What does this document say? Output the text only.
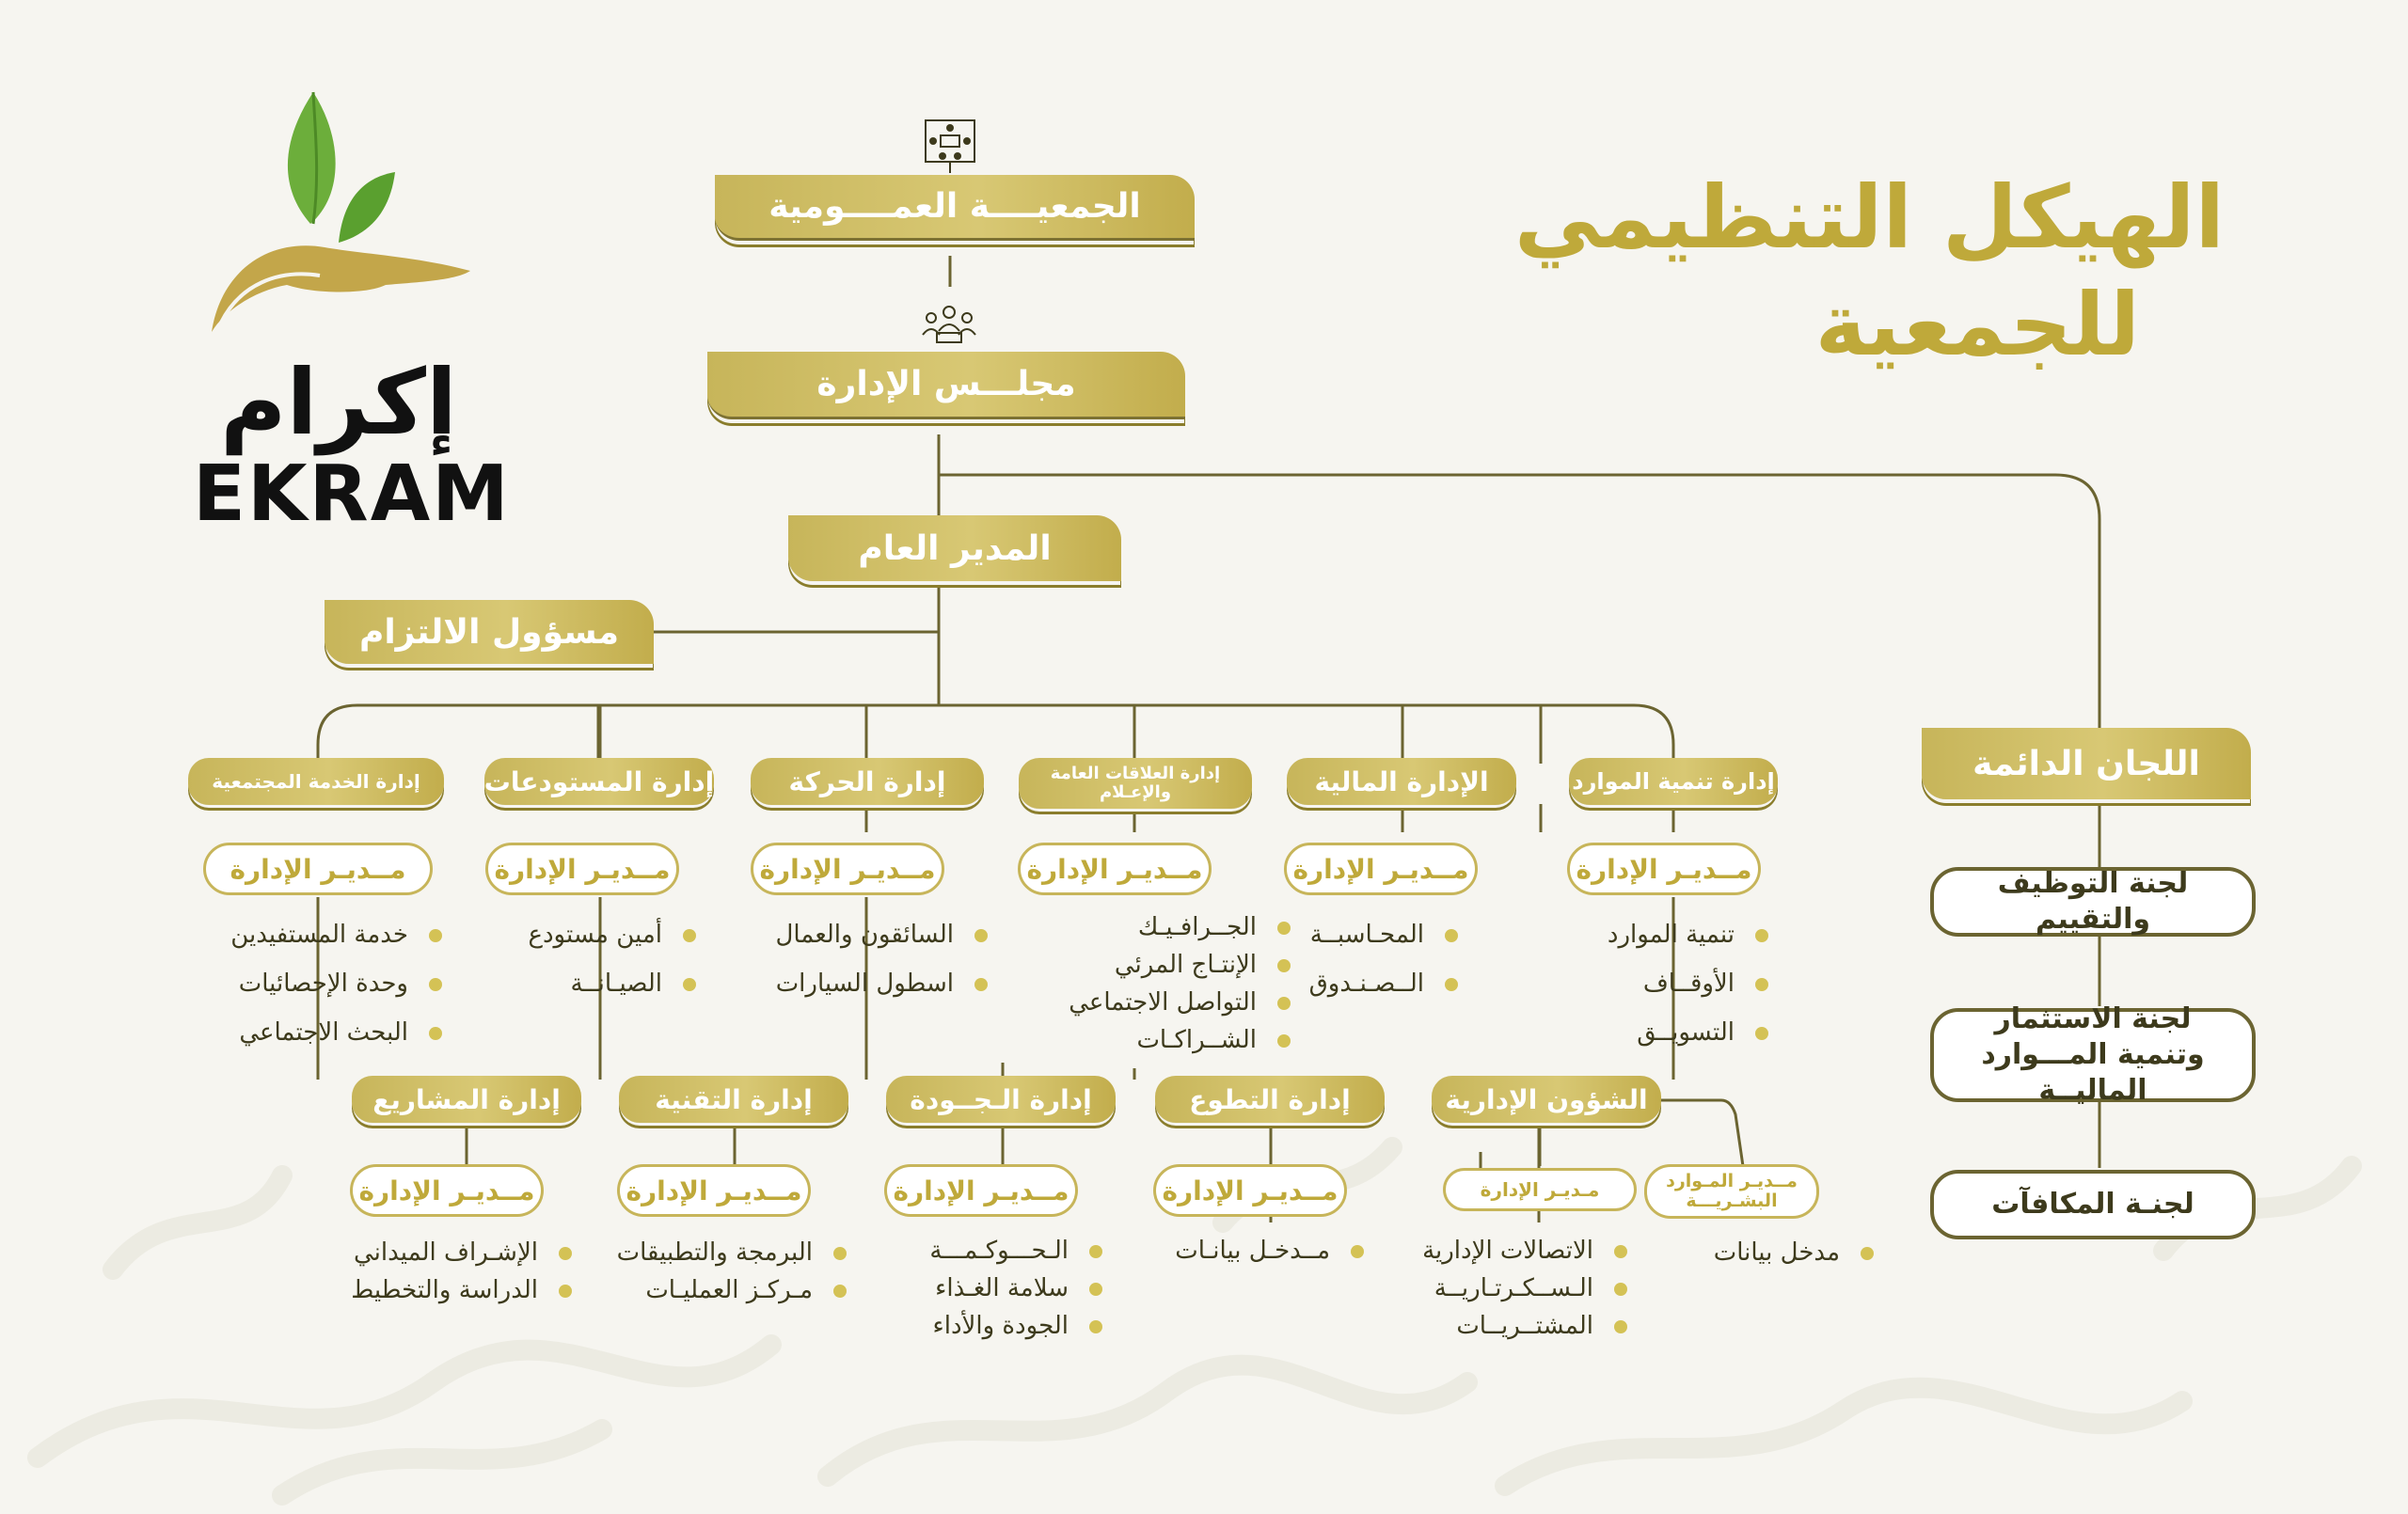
إكرام
EKRAM
الهيكل التنظيمي
للجمعية
الجمعيــــة العمــــومية
مجلـــس الإدارة
المدير العام
مسؤول الالتزام
اللجان الدائمة
لجنة التوظيف والتقييم
لجنة الاستثمار وتنمية المـــوارد الماليــة
لجنـة المكافآت
إدارة تنمية الموارد
الإدارة المالية
إدارة العلاقات العامة والإعـلام
إدارة الحركة
إدارة المستودعات
إدارة الخدمة المجتمعية
مــديـر الإدارة
مــديـر الإدارة
مــديـر الإدارة
مــديـر الإدارة
مــديـر الإدارة
مــديـر الإدارة
تنمية الموارد
الأوقــاف
التسويــق
المحـاسبــة
الــصـنـدوق
الجــرافـيـك
الإنتـاج المرئي
التواصل الاجتماعي
الشــراكـات
السائقون والعمال
اسطول السيارات
أمين مستودع
الصيـانــة
خدمة المستفيدين
وحدة الإحصائيات
البحث الاجتماعي
الشؤون الإدارية
إدارة التطوع
إدارة الـجــودة
إدارة التقنية
إدارة المشاريع
مــديـر المـوارد البشـريـــة
مـديـر الإدارة
مــديـر الإدارة
مــديـر الإدارة
مــديـر الإدارة
مــديـر الإدارة
مدخل بيانات
الاتصالات الإدارية
الـســكـرتـاريــة
المشتــريــات
مــدخـل بيانـات
الـحـــوكـمـــة
سلامة الغـذاء
الجودة والأداء
البرمجة والتطبيقات
مـركـز العمليـات
الإشـراف الميداني
الدراسة والتخطيط
